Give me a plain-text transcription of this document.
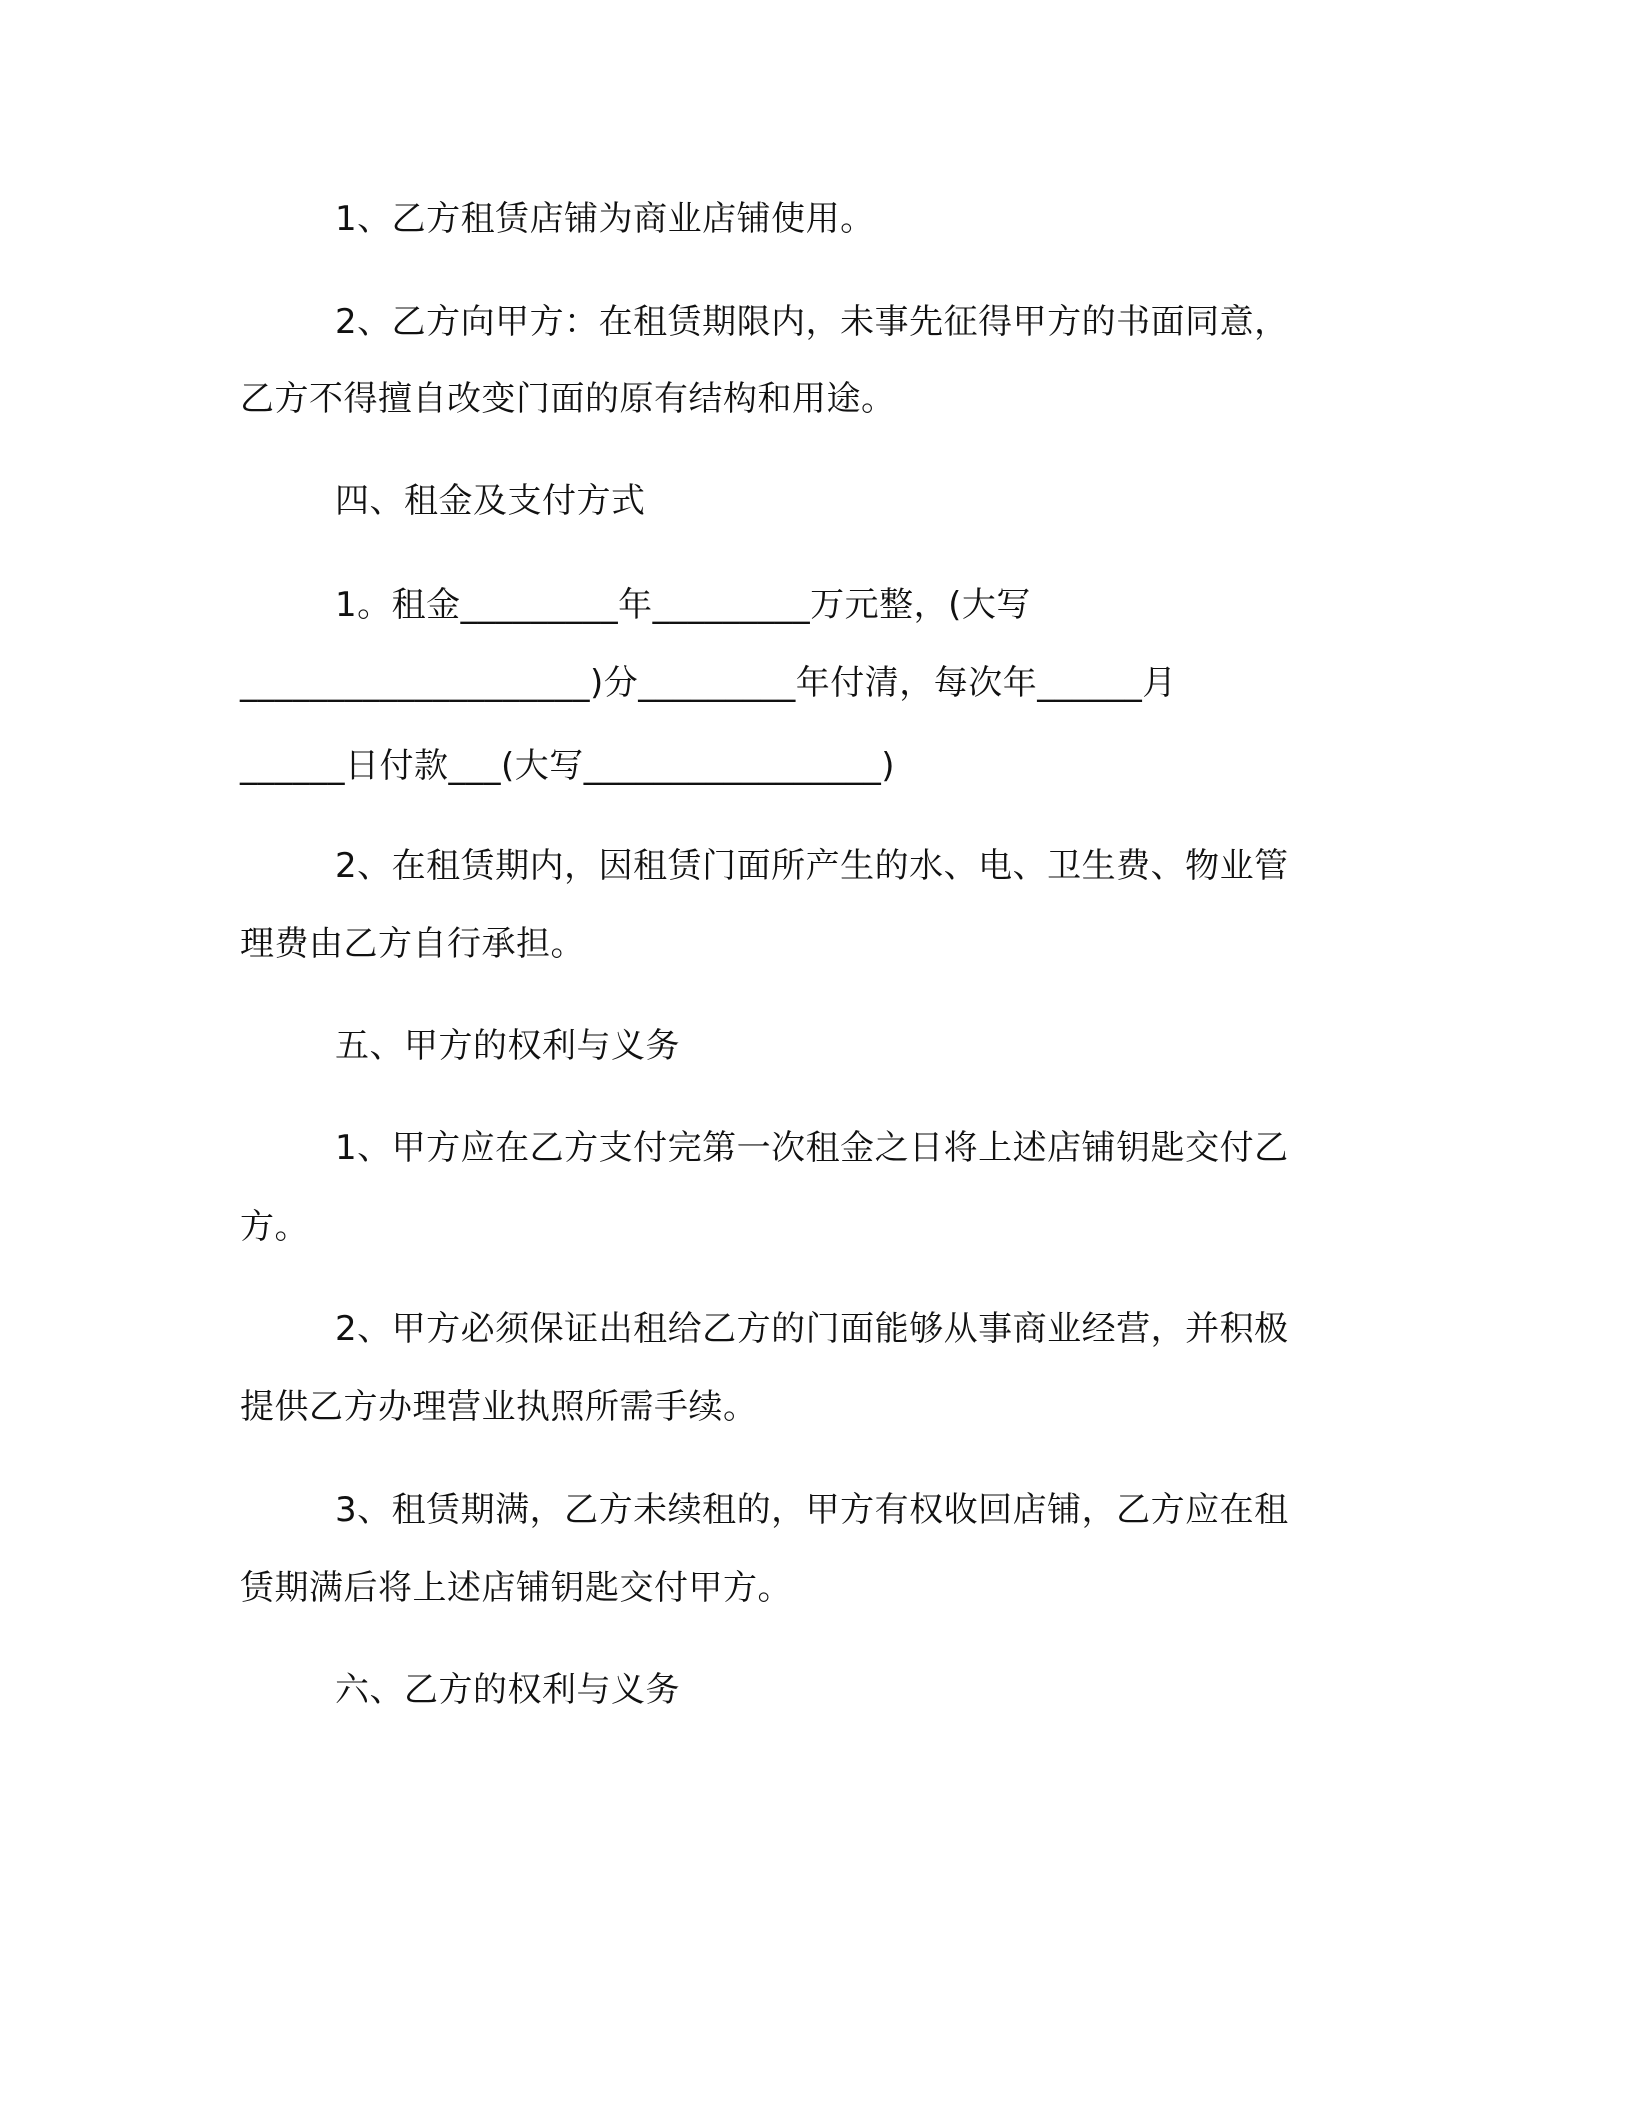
1、乙方租赁店铺为商业店铺使用。
2、乙方向甲方：在租赁期限内，未事先征得甲方的书面同意，
乙方不得擅自改变门面的原有结构和用途。
四、租金及支付方式
1。租金_________年_________万元整，(大写
____________________)分_________年付清，每次年______月
______日付款___(大写_________________)
2、在租赁期内，因租赁门面所产生的水、电、卫生费、物业管
理费由乙方自行承担。
五、甲方的权利与义务
1、甲方应在乙方支付完第一次租金之日将上述店铺钥匙交付乙
方。
2、甲方必须保证出租给乙方的门面能够从事商业经营，并积极
提供乙方办理营业执照所需手续。
3、租赁期满，乙方未续租的，甲方有权收回店铺，乙方应在租
赁期满后将上述店铺钥匙交付甲方。
六、乙方的权利与义务
